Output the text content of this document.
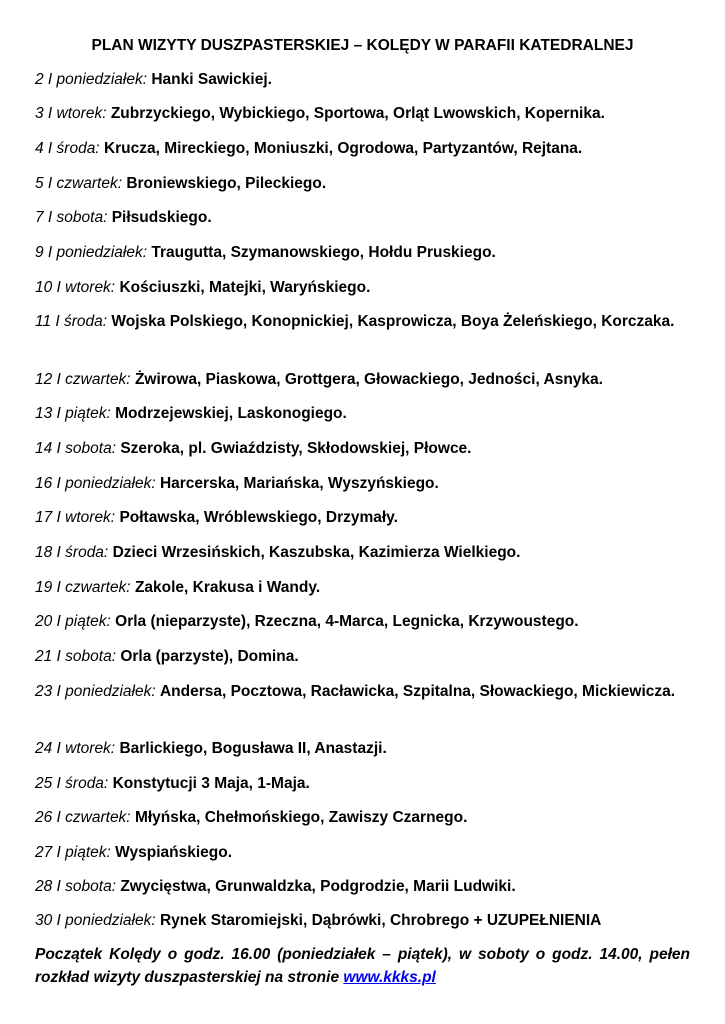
PLAN WIZYTY DUSZPASTERSKIEJ – KOLĘDY W PARAFII KATEDRALNEJ
2 I poniedziałek: Hanki Sawickiej.
3 I wtorek: Zubrzyckiego, Wybickiego, Sportowa, Orląt Lwowskich, Kopernika.
4 I środa: Krucza, Mireckiego, Moniuszki, Ogrodowa, Partyzantów, Rejtana.
5 I czwartek: Broniewskiego, Pileckiego.
7 I sobota: Piłsudskiego.
9 I poniedziałek: Traugutta, Szymanowskiego, Hołdu Pruskiego.
10 I wtorek: Kościuszki, Matejki, Waryńskiego.
11 I środa: Wojska Polskiego, Konopnickiej, Kasprowicza, Boya Żeleńskiego, Korczaka.
12 I czwartek: Żwirowa, Piaskowa, Grottgera, Głowackiego, Jedności, Asnyka.
13 I piątek: Modrzejewskiej, Laskonogiego.
14 I sobota: Szeroka, pl. Gwiaździsty, Skłodowskiej, Płowce.
16 I poniedziałek: Harcerska, Mariańska, Wyszyńskiego.
17 I wtorek: Połtawska, Wróblewskiego, Drzymały.
18 I środa: Dzieci Wrzesińskich, Kaszubska, Kazimierza Wielkiego.
19 I czwartek: Zakole, Krakusa i Wandy.
20 I piątek: Orla (nieparzyste), Rzeczna, 4-Marca, Legnicka, Krzywoustego.
21 I sobota: Orla (parzyste), Domina.
23 I poniedziałek: Andersa, Pocztowa, Racławicka, Szpitalna, Słowackiego, Mickiewicza.
24 I wtorek: Barlickiego, Bogusława II, Anastazji.
25 I środa: Konstytucji 3 Maja, 1-Maja.
26 I czwartek: Młyńska, Chełmońskiego, Zawiszy Czarnego.
27 I piątek: Wyspiańskiego.
28 I sobota: Zwycięstwa, Grunwaldzka, Podgrodzie, Marii Ludwiki.
30 I poniedziałek: Rynek Staromiejski, Dąbrówki, Chrobrego + UZUPEŁNIENIA
Początek Kolędy o godz. 16.00 (poniedziałek – piątek), w soboty o godz. 14.00, pełen rozkład wizyty duszpasterskiej na stronie www.kkks.pl
